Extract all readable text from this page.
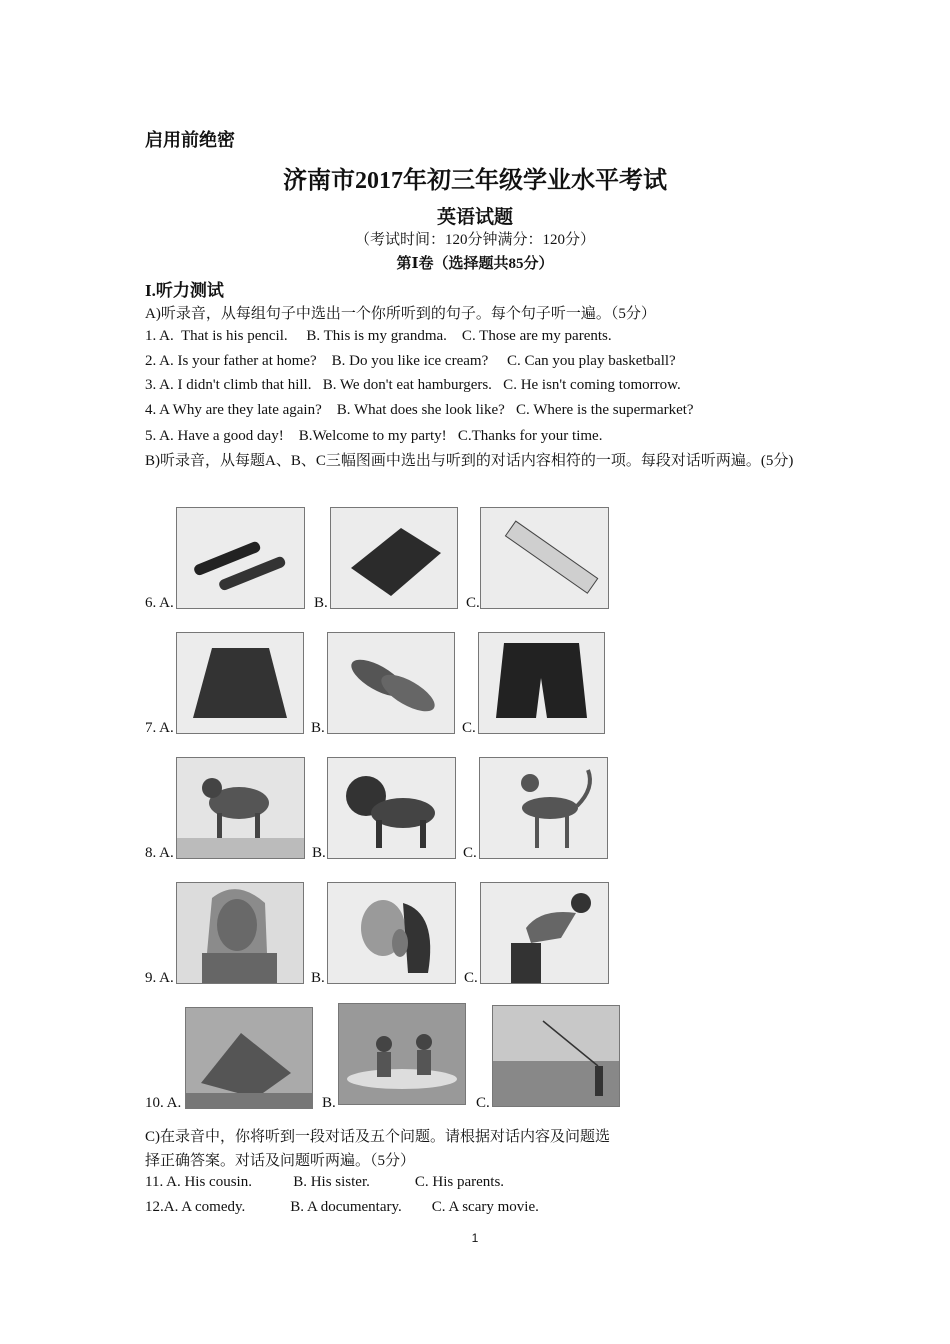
启用前绝密
济南市2017年初三年级学业水平考试
英语试题
（考试时间：120分钟满分：120分）
第Ⅰ卷（选择题共85分）
I.听力测试
A)听录音，从每组句子中选出一个你所听到的句子。每个句子听一遍。（5分）
1. A.  That is his pencil.     B. This is my grandma.    C. Those are my parents.
2. A. Is your father at home?    B. Do you like ice cream?     C. Can you play basketball?
3. A. I didn't climb that hill.   B. We don't eat hamburgers.   C. He isn't coming tomorrow.
4. A Why are they late again?    B. What does she look like?   C. Where is the supermarket?
5. A. Have a good day!    B.Welcome to my party!   C.Thanks for your time.
B)听录音，从每题A、B、C三幅图画中选出与听到的对话内容相符的一项。每段对话听两遍。(5分)
6. A.	B.	C.
7. A.	B.	C.
8. A.	B.	C.
9. A.	B.	C.
10. A.	B.	C.
C)在录音中，你将听到一段对话及五个问题。请根据对话内容及问题选
择正确答案。对话及问题听两遍。（5分）
11. A. His cousin.           B. His sister.            C. His parents.
12.A. A comedy.            B. A documentary.        C. A scary movie.
1
